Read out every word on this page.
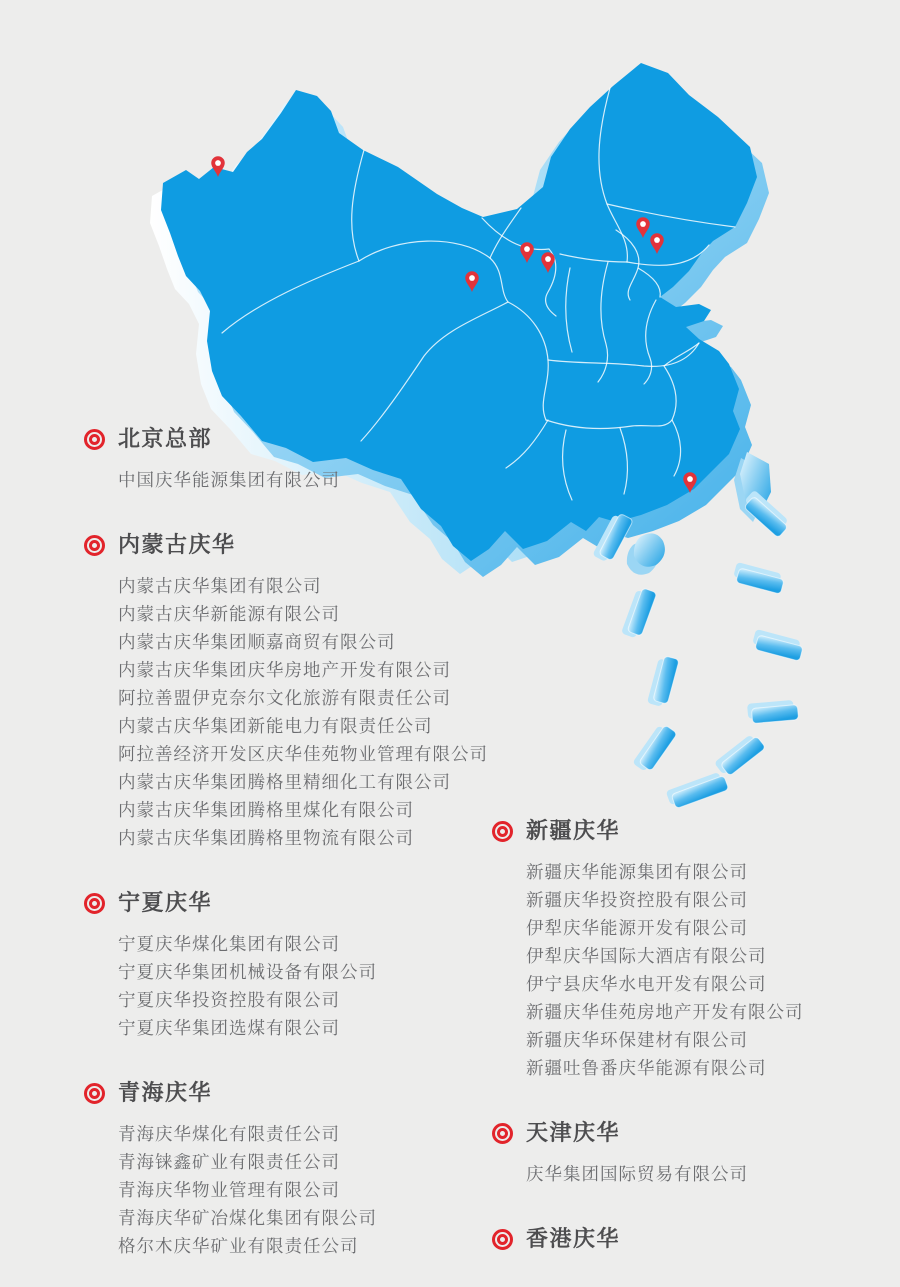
北京总部
中国庆华能源集团有限公司
内蒙古庆华
内蒙古庆华集团有限公司
内蒙古庆华新能源有限公司
内蒙古庆华集团顺嘉商贸有限公司
内蒙古庆华集团庆华房地产开发有限公司
阿拉善盟伊克奈尔文化旅游有限责任公司
内蒙古庆华集团新能电力有限责任公司
阿拉善经济开发区庆华佳苑物业管理有限公司
内蒙古庆华集团腾格里精细化工有限公司
内蒙古庆华集团腾格里煤化有限公司
内蒙古庆华集团腾格里物流有限公司
宁夏庆华
宁夏庆华煤化集团有限公司
宁夏庆华集团机械设备有限公司
宁夏庆华投资控股有限公司
宁夏庆华集团选煤有限公司
青海庆华
青海庆华煤化有限责任公司
青海铼鑫矿业有限责任公司
青海庆华物业管理有限公司
青海庆华矿冶煤化集团有限公司
格尔木庆华矿业有限责任公司
新疆庆华
新疆庆华能源集团有限公司
新疆庆华投资控股有限公司
伊犁庆华能源开发有限公司
伊犁庆华国际大酒店有限公司
伊宁县庆华水电开发有限公司
新疆庆华佳苑房地产开发有限公司
新疆庆华环保建材有限公司
新疆吐鲁番庆华能源有限公司
天津庆华
庆华集团国际贸易有限公司
香港庆华
